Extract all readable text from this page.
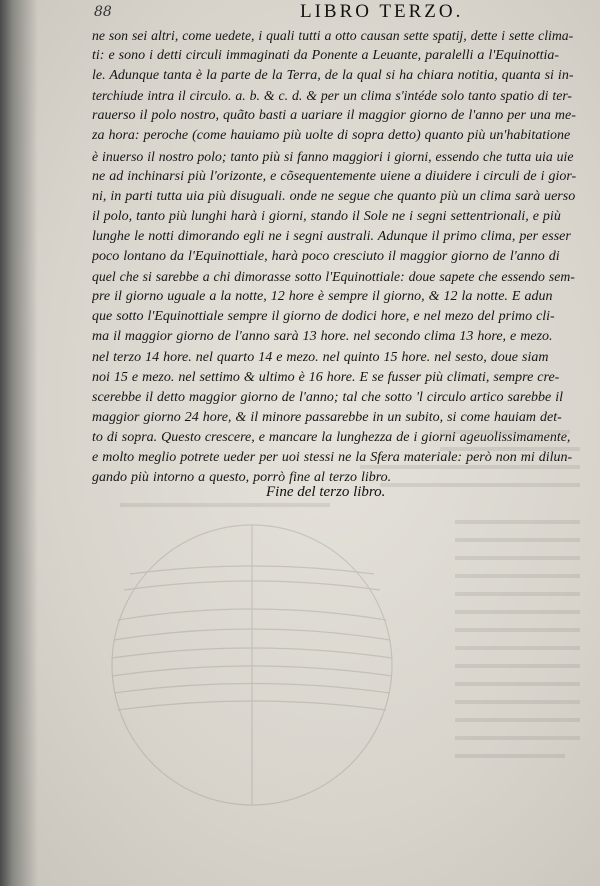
88	LIBRO TERZO.
ne son sei altri, come uedete, i quali tutti a otto causan sette spatij, dette i sette clima-
ti: e sono i detti circuli immaginati da Ponente a Leuante, paralelli a l'Equinottia-
le. Adunque tanta è la parte de la Terra, de la qual si ha chiara notitia, quanta si in-
terchiude intra il circulo. a. b. & c. d. & per un clima s'intéde solo tanto spatio di ter-
rauerso il polo nostro, quãto basti a uariare il maggior giorno de l'anno per una me-
za hora: peroche (come hauiamo più uolte di sopra detto) quanto più un'habitatione
è inuerso il nostro polo; tanto più si fanno maggiori i giorni, essendo che tutta uia uie
ne ad inchinarsi più l'orizonte, e cõsequentemente uiene a diuidere i circuli de i gior-
ni, in parti tutta uia più disuguali. onde ne segue che quanto più un clima sarà uerso
il polo, tanto più lunghi harà i giorni, stando il Sole ne i segni settentrionali, e più
lunghe le notti dimorando egli ne i segni australi. Adunque il primo clima, per esser
poco lontano da l'Equinottiale, harà poco cresciuto il maggior giorno de l'anno di
quel che si sarebbe a chi dimorasse sotto l'Equinottiale: doue sapete che essendo sem-
pre il giorno uguale a la notte, 12 hore è sempre il giorno, & 12 la notte. E adun
que sotto l'Equinottiale sempre il giorno de dodici hore, e nel mezo del primo cli-
ma il maggior giorno de l'anno sarà 13 hore. nel secondo clima 13 hore, e mezo.
nel terzo 14 hore. nel quarto 14 e mezo. nel quinto 15 hore. nel sesto, doue siam
noi 15 e mezo. nel settimo & ultimo è 16 hore. E se fusser più climati, sempre cre-
scerebbe il detto maggior giorno de l'anno; tal che sotto 'l circulo artico sarebbe il
maggior giorno 24 hore, & il minore passarebbe in un subito, si come hauiam det-
to di sopra. Questo crescere, e mancare la lunghezza de i giorni ageuolissimamente,
e molto meglio potrete ueder per uoi stessi ne la Sfera materiale: però non mi dilun-
gando più intorno a questo, porrò fine al terzo libro.
Fine del terzo libro.
